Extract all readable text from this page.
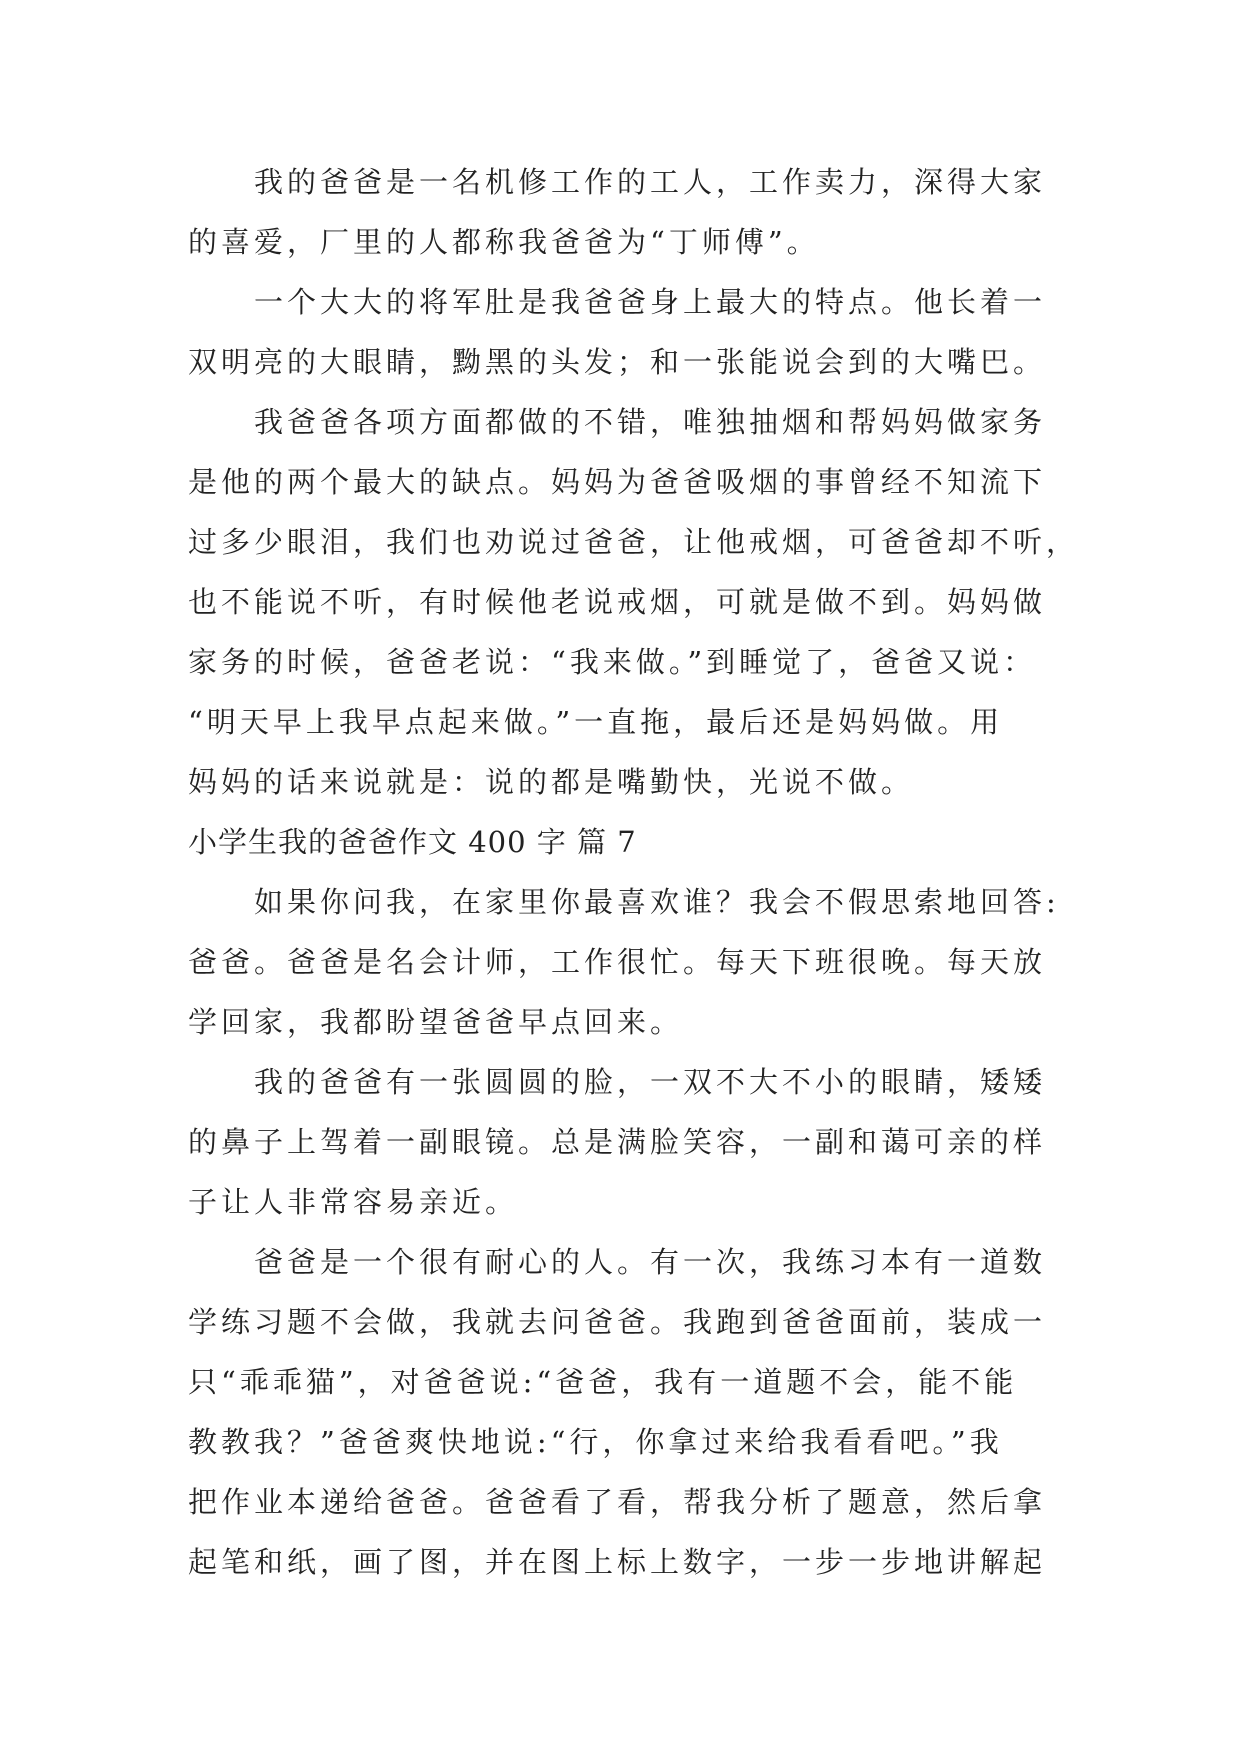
　　我的爸爸是一名机修工作的工人，工作卖力，深得大家
的喜爱，厂里的人都称我爸爸为“丁师傅”。
　　一个大大的将军肚是我爸爸身上最大的特点。他长着一
双明亮的大眼睛，黝黑的头发；和一张能说会到的大嘴巴。
　　我爸爸各项方面都做的不错，唯独抽烟和帮妈妈做家务
是他的两个最大的缺点。妈妈为爸爸吸烟的事曾经不知流下
过多少眼泪，我们也劝说过爸爸，让他戒烟，可爸爸却不听，
也不能说不听，有时候他老说戒烟，可就是做不到。妈妈做
家务的时候，爸爸老说：“我来做。”到睡觉了，爸爸又说：
“明天早上我早点起来做。”一直拖，最后还是妈妈做。用
妈妈的话来说就是：说的都是嘴勤快，光说不做。
小学生我的爸爸作文 400 字 篇 7
　　如果你问我，在家里你最喜欢谁？我会不假思索地回答:
爸爸。爸爸是名会计师，工作很忙。每天下班很晚。每天放
学回家，我都盼望爸爸早点回来。
　　我的爸爸有一张圆圆的脸，一双不大不小的眼睛，矮矮
的鼻子上驾着一副眼镜。总是满脸笑容，一副和蔼可亲的样
子让人非常容易亲近。
　　爸爸是一个很有耐心的人。有一次，我练习本有一道数
学练习题不会做，我就去问爸爸。我跑到爸爸面前，装成一
只“乖乖猫”，对爸爸说:“爸爸，我有一道题不会，能不能
教教我？”爸爸爽快地说:“行，你拿过来给我看看吧。”我
把作业本递给爸爸。爸爸看了看，帮我分析了题意，然后拿
起笔和纸，画了图，并在图上标上数字，一步一步地讲解起
